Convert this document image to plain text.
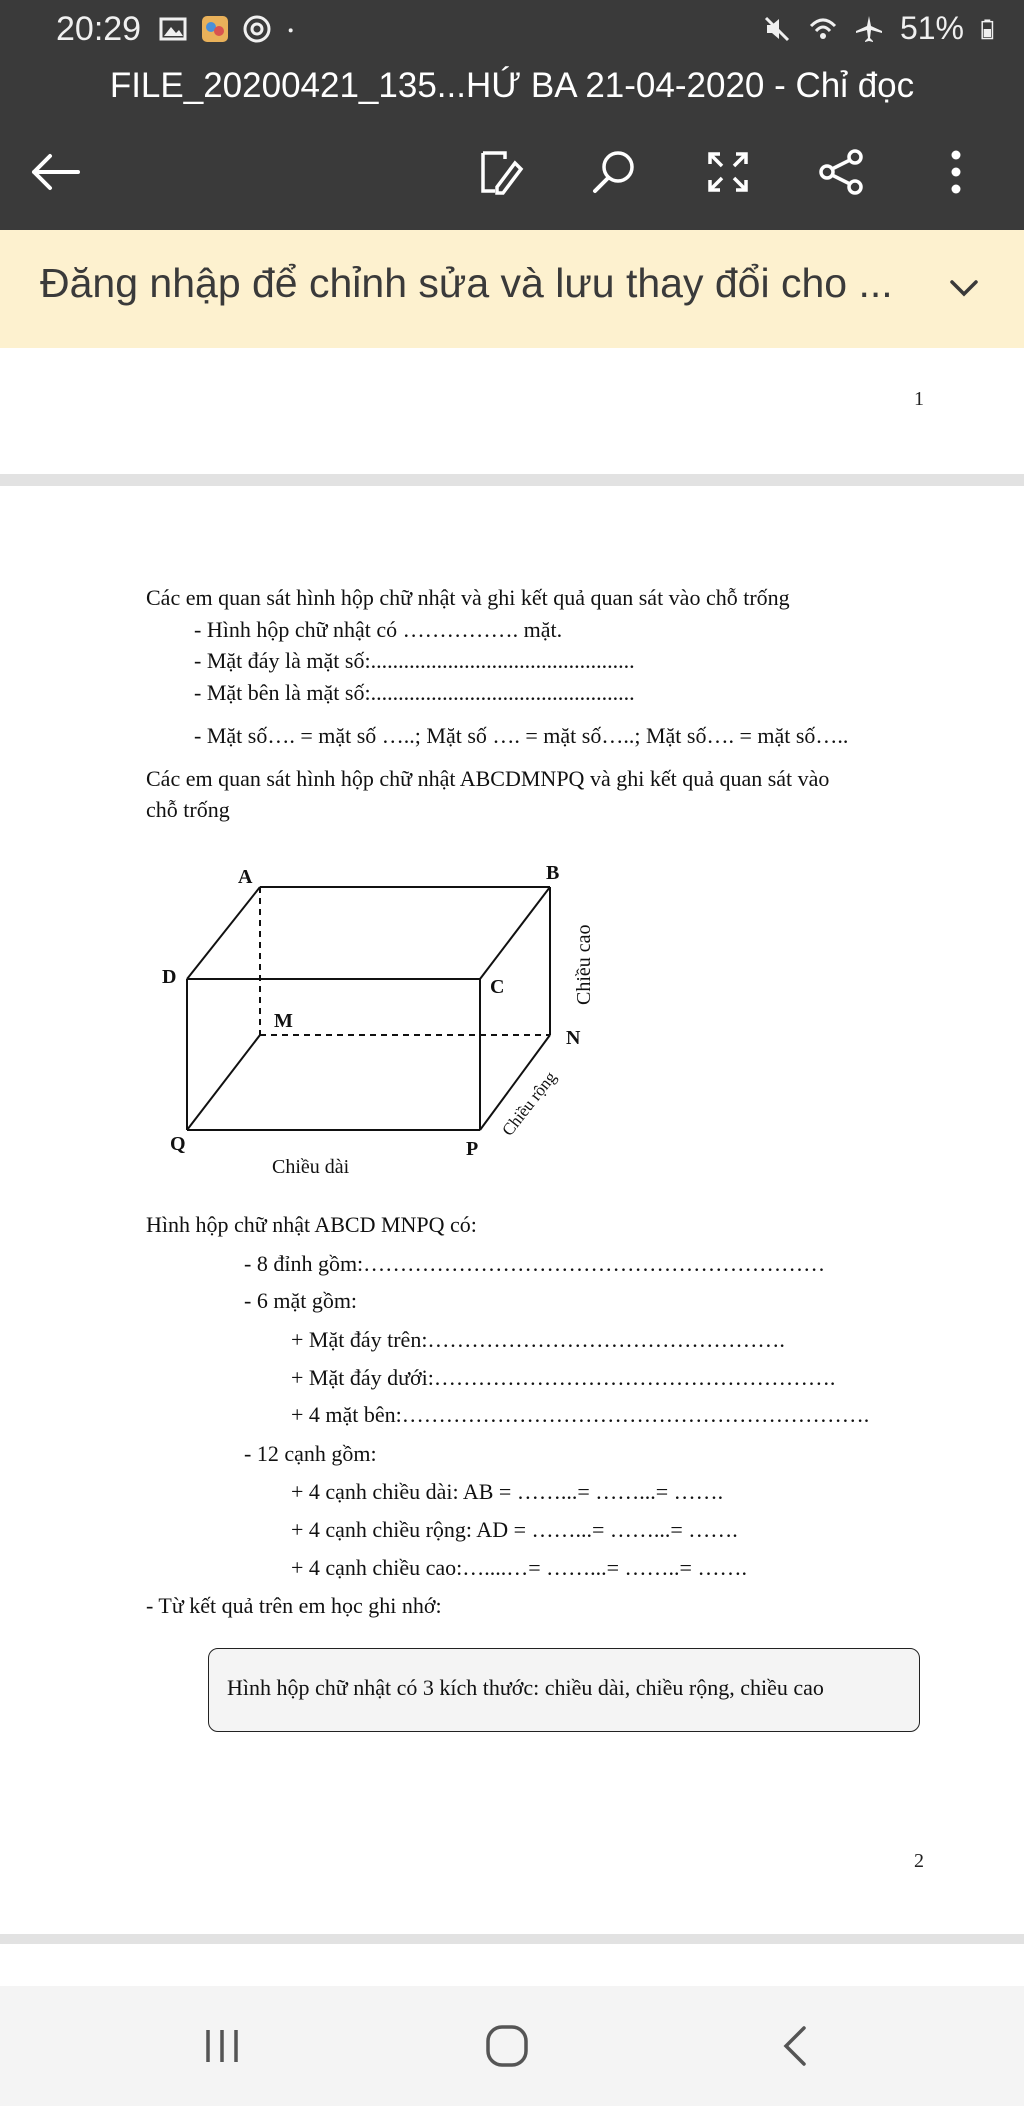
20:29	51%
FILE_20200421_135...HỨ BA 21-04-2020 - Chỉ đọc
Đăng nhập để chỉnh sửa và lưu thay đổi cho ...
1
Các em quan sát hình hộp chữ nhật và ghi kết quả quan sát vào chỗ trống
- Hình hộp chữ nhật có ……………. mặt.
- Mặt đáy là mặt số:................................................
- Mặt bên là mặt số:................................................
- Mặt số…. = mặt số …..; Mặt số …. = mặt số…..; Mặt số…. = mặt số…..
Các em quan sát hình hộp chữ nhật ABCDMNPQ và ghi kết quả quan sát vào
chỗ trống
A	B
C
D
M
N
P
Q
Chiều dài
Chiều cao
Chiều rộng
Hình hộp chữ nhật ABCD MNPQ có:
- 8 đỉnh gồm:………………………………………………………
- 6 mặt gồm:
+ Mặt đáy trên:………………………………………….
+ Mặt đáy dưới:……………………………………………….
+ 4 mặt bên:……………………………………………………….
- 12 cạnh gồm:
+ 4 cạnh chiều dài: AB = ……...= ……...= …….
+ 4 cạnh chiều rộng: AD = ……...= ……...= …….
+ 4 cạnh chiều cao:…....…= ……...= ……..= …….
- Từ kết quả trên em học ghi nhớ:
Hình hộp chữ nhật có 3 kích thước: chiều dài, chiều rộng, chiều cao
2
